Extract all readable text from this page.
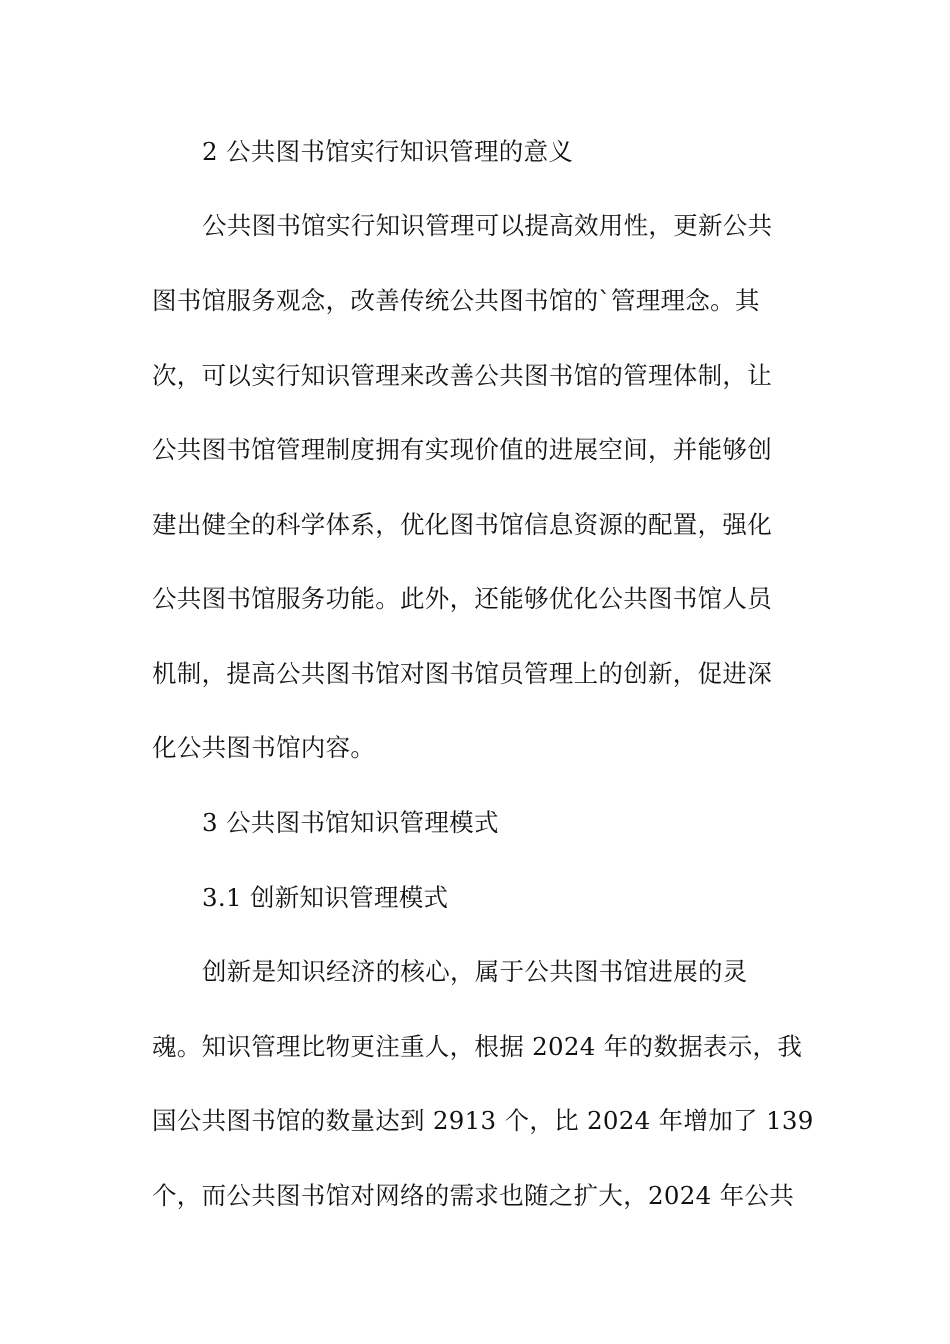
2 公共图书馆实行知识管理的意义
公共图书馆实行知识管理可以提高效用性，更新公共
图书馆服务观念，改善传统公共图书馆的`管理理念。其
次，可以实行知识管理来改善公共图书馆的管理体制，让
公共图书馆管理制度拥有实现价值的进展空间，并能够创
建出健全的科学体系，优化图书馆信息资源的配置，强化
公共图书馆服务功能。此外，还能够优化公共图书馆人员
机制，提高公共图书馆对图书馆员管理上的创新，促进深
化公共图书馆内容。
3 公共图书馆知识管理模式
3.1 创新知识管理模式
创新是知识经济的核心，属于公共图书馆进展的灵
魂。知识管理比物更注重人，根据 2024 年的数据表示，我
国公共图书馆的数量达到 2913 个，比 2024 年增加了 139
个，而公共图书馆对网络的需求也随之扩大，2024 年公共
